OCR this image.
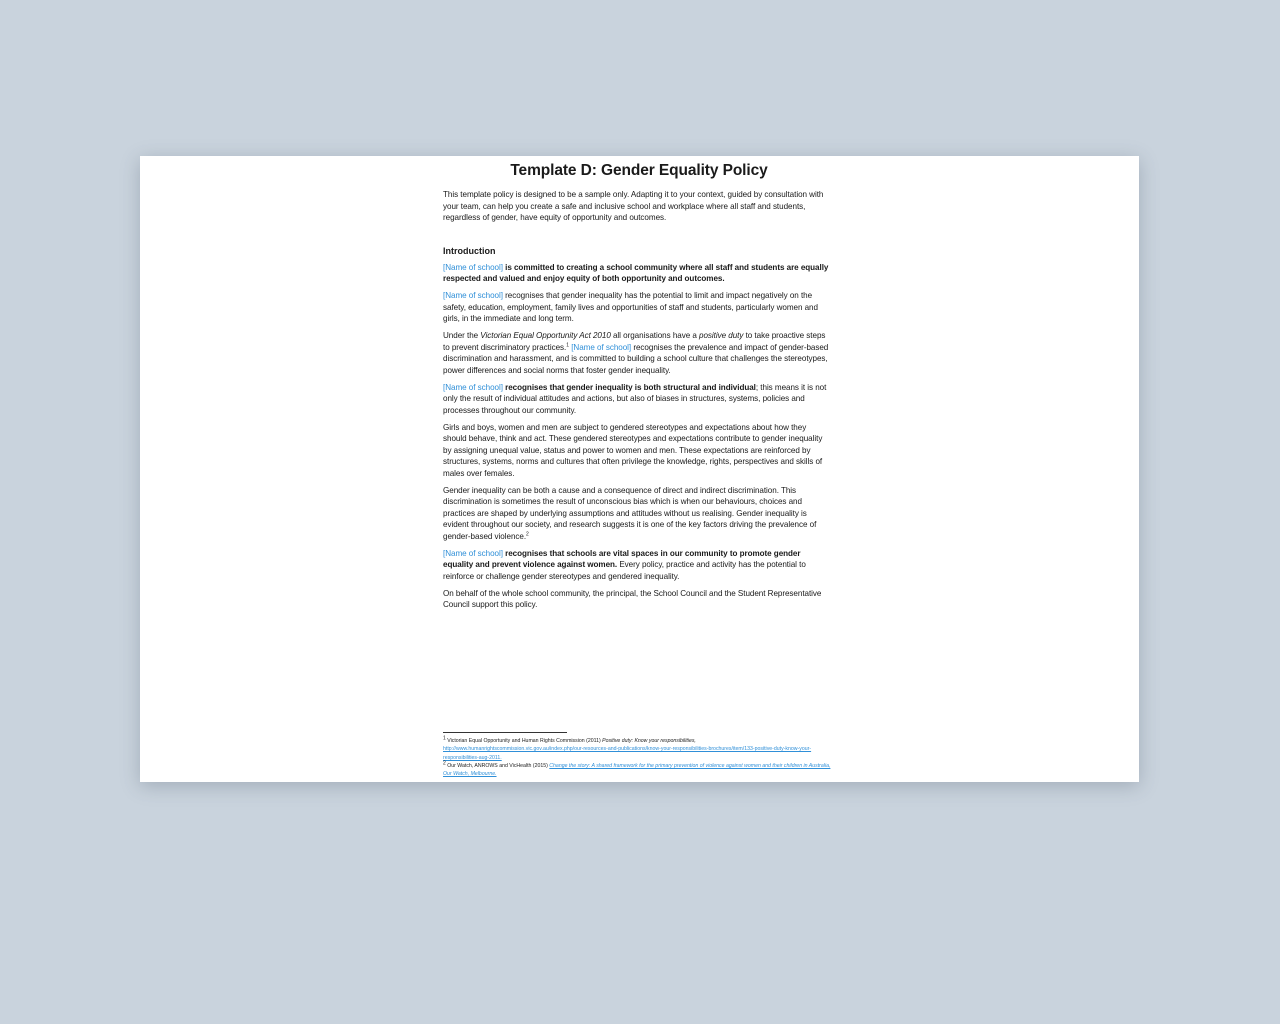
Template D: Gender Equality Policy

This template policy is designed to be a sample only. Adapting it to your context, guided by consultation with your team, can help you create a safe and inclusive school and workplace where all staff and students, regardless of gender, have equity of opportunity and outcomes.

Introduction

[Name of school] is committed to creating a school community where all staff and students are equally respected and valued and enjoy equity of both opportunity and outcomes.

[Name of school] recognises that gender inequality has the potential to limit and impact negatively on the safety, education, employment, family lives and opportunities of staff and students, particularly women and girls, in the immediate and long term.

Under the Victorian Equal Opportunity Act 2010 all organisations have a positive duty to take proactive steps to prevent discriminatory practices.$^1$ [Name of school] recognises the prevalence and impact of gender-based discrimination and harassment, and is committed to building a school culture that challenges the stereotypes, power differences and social norms that foster gender inequality.

[Name of school] recognises that gender inequality is both structural and individual; this means it is not only the result of individual attitudes and actions, but also of biases in structures, systems, policies and processes throughout our community.

Girls and boys, women and men are subject to gendered stereotypes and expectations about how they should behave, think and act. These gendered stereotypes and expectations contribute to gender inequality by assigning unequal value, status and power to women and men. These expectations are reinforced by structures, systems, norms and cultures that often privilege the knowledge, rights, perspectives and skills of males over females.

Gender inequality can be both a cause and a consequence of direct and indirect discrimination. This discrimination is sometimes the result of unconscious bias which is when our behaviours, choices and practices are shaped by underlying assumptions and attitudes without us realising. Gender inequality is evident throughout our society, and research suggests it is one of the key factors driving the prevalence of gender-based violence.$^2$

[Name of school] recognises that schools are vital spaces in our community to promote gender equality and prevent violence against women. Every policy, practice and activity has the potential to reinforce or challenge gender stereotypes and gendered inequality.

On behalf of the whole school community, the principal, the School Council and the Student Representative Council support this policy.

$^1$ Victorian Equal Opportunity and Human Rights Commission (2011) Positive duty: Know your responsibilities,
http://www.humanrightscommission.vic.gov.au/index.php/our-resources-and-publications/know-your-responsibilities-brochures/item/133-positive-duty-know-your-responsibilities-aug-2011.
$^2$ Our Watch, ANROWS and VicHealth (2015) Change the story: A shared framework for the primary prevention of violence against women and their children in Australia, Our Watch, Melbourne.
